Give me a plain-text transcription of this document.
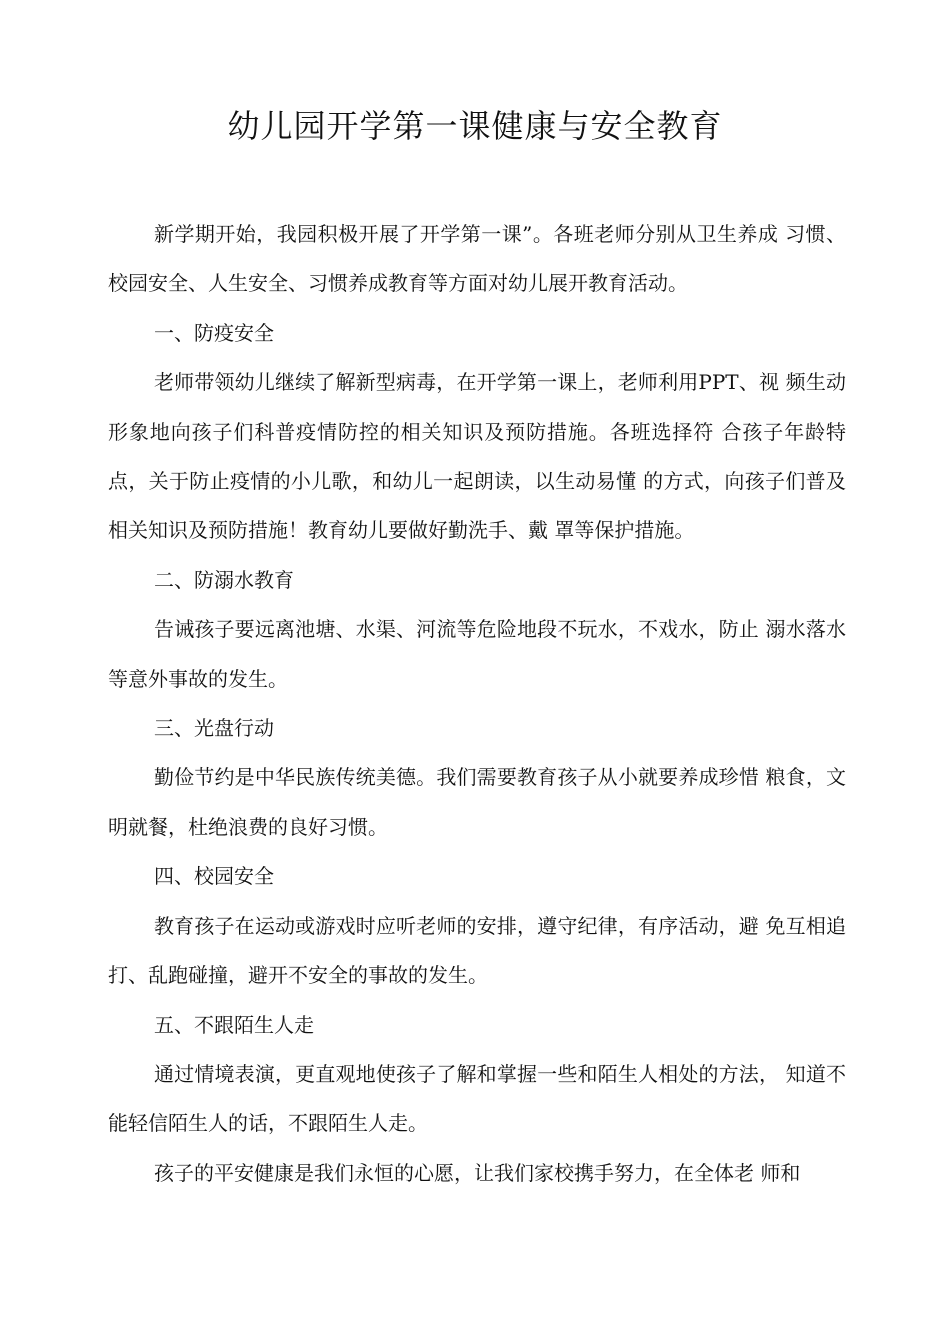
幼儿园开学第一课健康与安全教育

新学期开始，我园积极开展了开学第一课”。各班老师分别从卫生养成 习惯、校园安全、人生安全、习惯养成教育等方面对幼儿展开教育活动。

一、防疫安全

老师带领幼儿继续了解新型病毒，在开学第一课上，老师利用PPT、视 频生动形象地向孩子们科普疫情防控的相关知识及预防措施。各班选择符 合孩子年龄特点，关于防止疫情的小儿歌，和幼儿一起朗读，以生动易懂 的方式，向孩子们普及相关知识及预防措施！教育幼儿要做好勤洗手、戴 罩等保护措施。

二、防溺水教育

告诫孩子要远离池塘、水渠、河流等危险地段不玩水，不戏水，防止 溺水落水等意外事故的发生。

三、光盘行动

勤俭节约是中华民族传统美德。我们需要教育孩子从小就要养成珍惜 粮食，文明就餐，杜绝浪费的良好习惯。

四、校园安全

教育孩子在运动或游戏时应听老师的安排，遵守纪律，有序活动，避 免互相追打、乱跑碰撞，避开不安全的事故的发生。

五、不跟陌生人走

通过情境表演，更直观地使孩子了解和掌握一些和陌生人相处的方法， 知道不能轻信陌生人的话，不跟陌生人走。

孩子的平安健康是我们永恒的心愿，让我们家校携手努力，在全体老 师和
